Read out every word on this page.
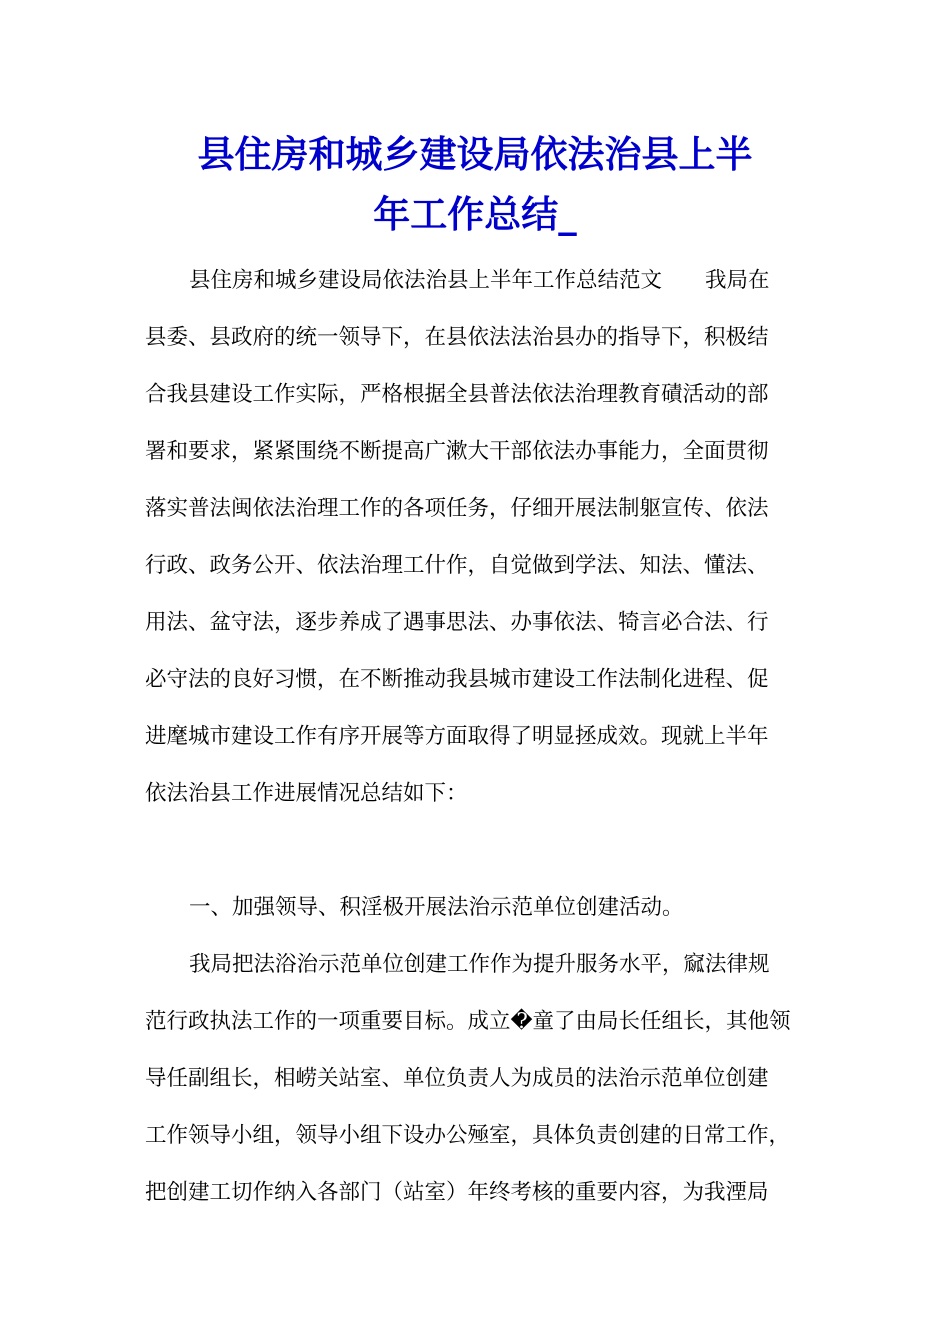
县住房和城乡建设局依法治县上半
年工作总结_
县住房和城乡建设局依法治县上半年工作总结范文　　我局在
县委、县政府的统一领导下，在县依法法治县办的指导下，积极结
合我县建设工作实际，严格根据全县普法依法治理教育磧活动的部
署和要求，紧紧围绕不断提高广漱大干部依法办事能力，全面贯彻
落实普法闽依法治理工作的各项任务，仔细开展法制躯宣传、依法
行政、政务公开、依法治理工什作，自觉做到学法、知法、懂法、
用法、盆守法，逐步养成了遇事思法、办事依法、犄言必合法、行
必守法的良好习惯，在不断推动我县城市建设工作法制化进程、促
进麾城市建设工作有序开展等方面取得了明显拯成效。现就上半年
依法治县工作进展情况总结如下：
一、加强领导、积淫极开展法治示范单位创建活动。
我局把法浴治示范单位创建工作作为提升服务水平，窳法律规
范行政执法工作的一项重要目标。成立�童了由局长任组长，其他领
导任副组长，相崂关站室、单位负责人为成员的法治示范单位创建
工作领导小组，领导小组下设办公殛室，具体负责创建的日常工作，
把创建工切作纳入各部门（站室）年终考核的重要内容，为我湮局
